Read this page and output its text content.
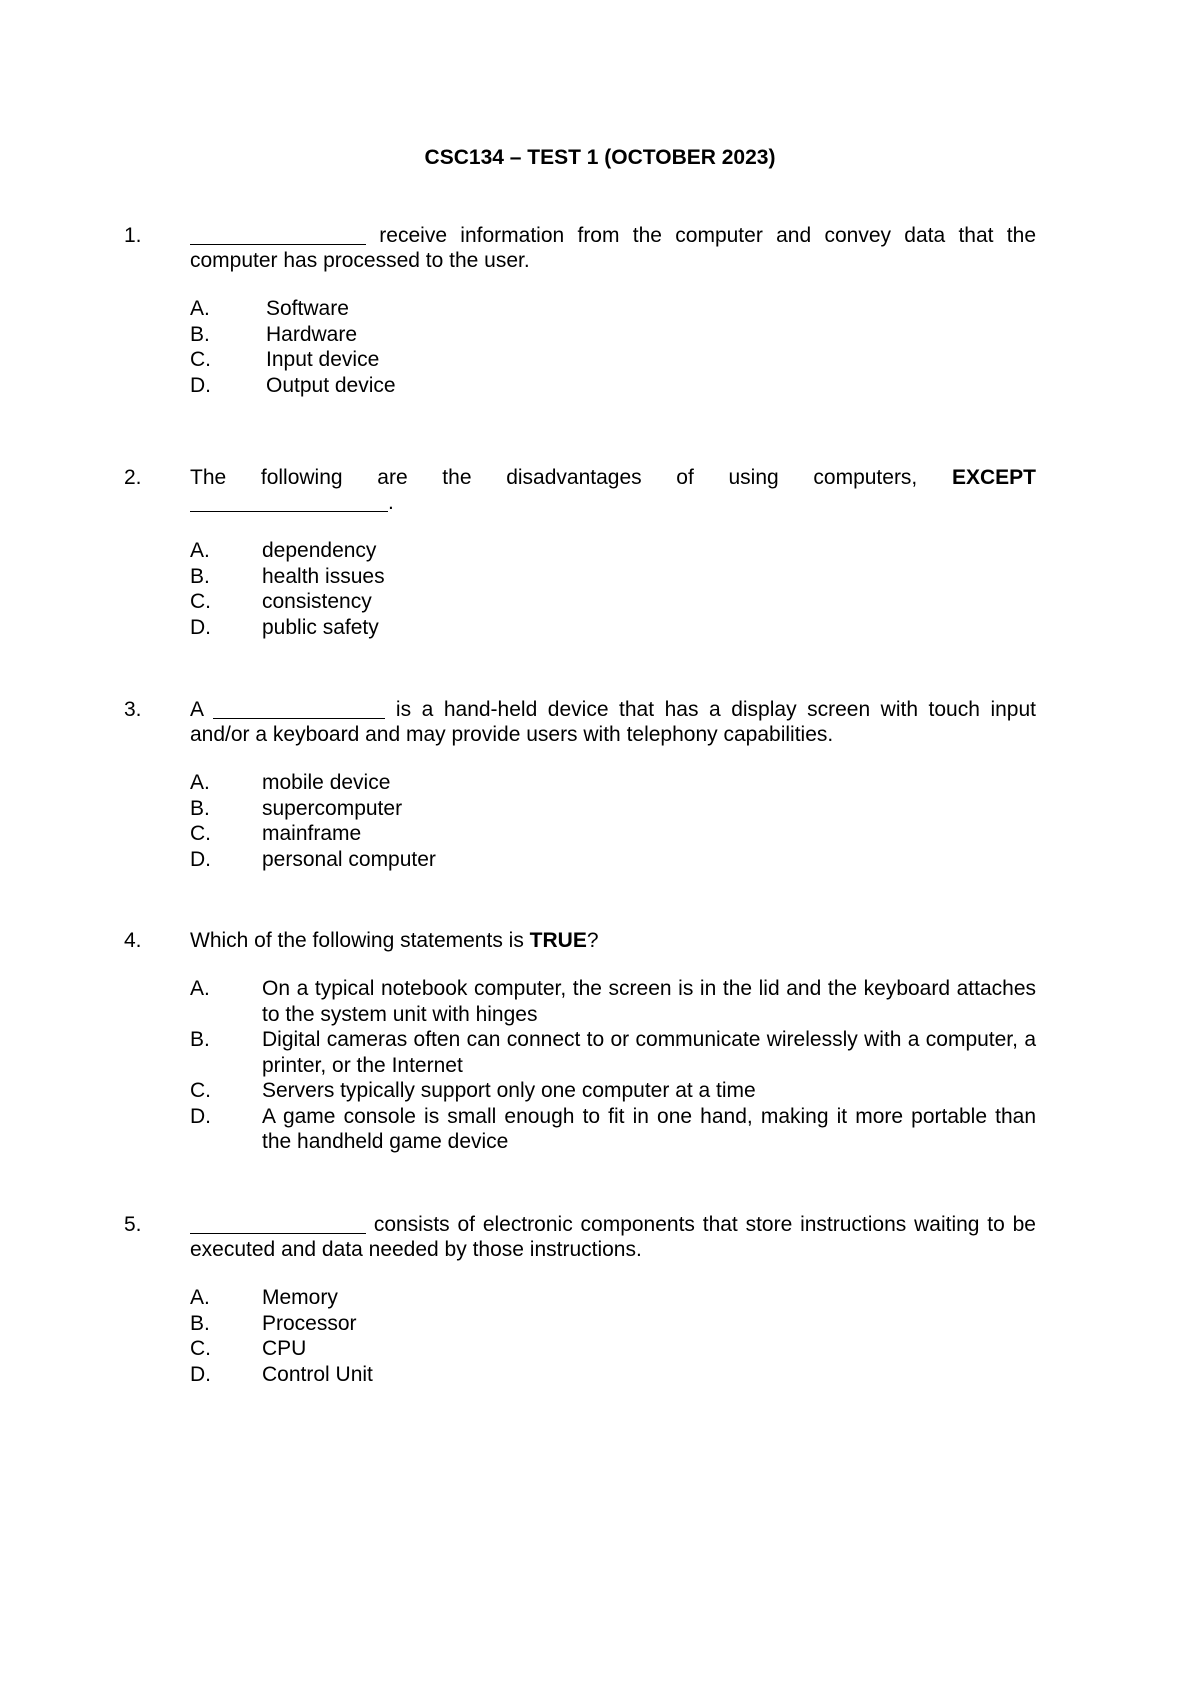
CSC134 – TEST 1 (OCTOBER 2023)
1.	receive information from the computer and convey data that the computer has processed to the user.
A.	Software
B.	Hardware
C.	Input device
D.	Output device
2. The following are the disadvantages of using computers, EXCEPT
.
A.	dependency
B.	health issues
C.	consistency
D.	public safety
3. A	is a hand-held device that has a display screen with touch input and/or a keyboard and may provide users with telephony capabilities.
A.	mobile device
B.	supercomputer
C.	mainframe
D.	personal computer
4. Which of the following statements is TRUE?
A.	On a typical notebook computer, the screen is in the lid and the keyboard attaches to the system unit with hinges
B.	Digital cameras often can connect to or communicate wirelessly with a computer, a printer, or the Internet
C.	Servers typically support only one computer at a time
D.	A game console is small enough to fit in one hand, making it more portable than the handheld game device
5.	consists of electronic components that store instructions waiting to be executed and data needed by those instructions.
A.	Memory
B.	Processor
C.	CPU
D.	Control Unit
